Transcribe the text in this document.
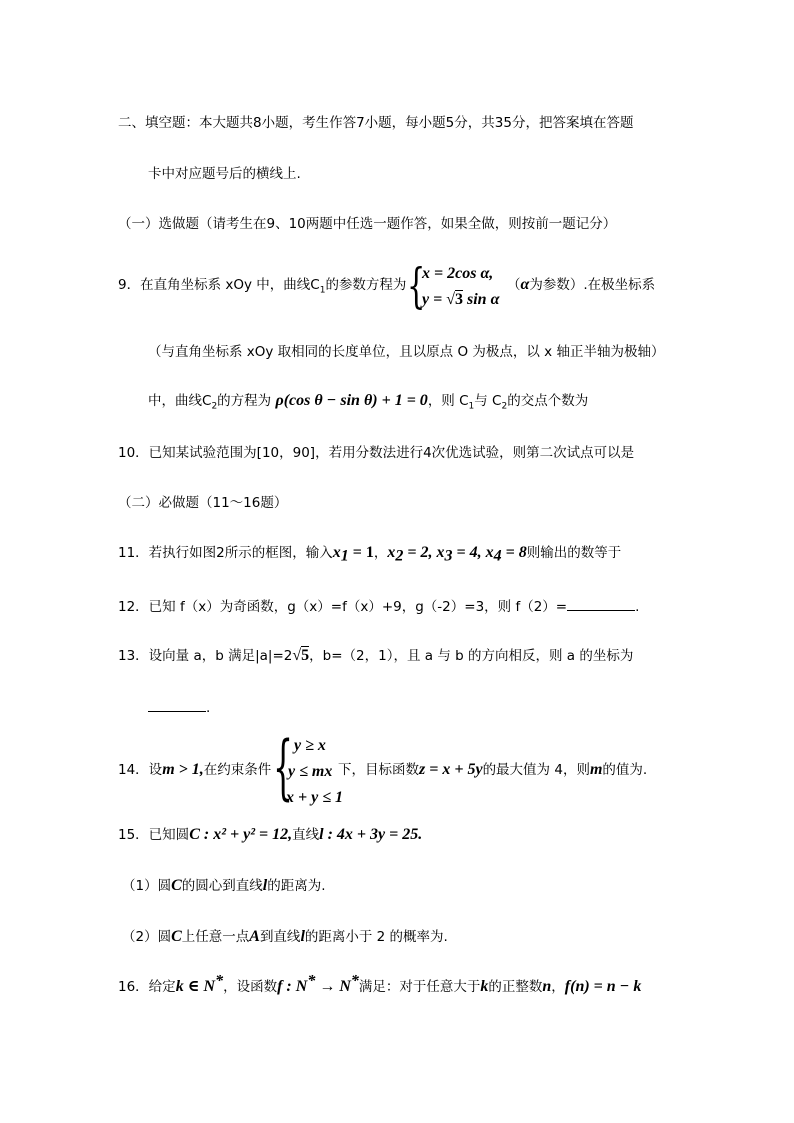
二、填空题：本大题共8小题，考生作答7小题，每小题5分，共35分，把答案填在答题
卡中对应题号后的横线上.
（一）选做题（请考生在9、10两题中任选一题作答，如果全做，则按前一题记分）
9．在直角坐标系 xOy 中，曲线$C_1$的参数方程为 {
x = 2cos α,
y = √3 sin α
（α为参数）.在极坐标系
（与直角坐标系 xOy 取相同的长度单位，且以原点 O 为极点，以 x 轴正半轴为极轴）
中，曲线$C_2$的方程为 ρ(cos θ − sin θ) + 1 = 0，则 $C_1$与 $C_2$的交点个数为
10．已知某试验范围为[10，90]，若用分数法进行4次优选试验，则第二次试点可以是
（二）必做题（11～16题）
11．若执行如图2所示的框图，输入$x_1 = 1$，$x_2 = 2$, $x_3 = 4$, $x_4 = 8$则输出的数等于
12．已知 f（x）为奇函数，g（x）=f（x）+9，g（-2）=3，则 f（2）=	.
13．设向量 a，b 满足|a|=2√5，b=（2，1），且 a 与 b 的方向相反，则 a 的坐标为
.
14．设m > 1,在约束条件 { y ≥ x
y ≤ mx
x + y ≤ 1
下，目标函数z = x + 5y的最大值为 4，则m的值为.
15．已知圆C : x² + y² = 12,直线l : 4x + 3y = 25.
（1）圆C的圆心到直线l的距离为.
（2）圆C上任意一点A到直线l的距离小于 2 的概率为.
16．给定k ∈ N*，设函数f : N* → N*满足：对于任意大于k的正整数n，f(n) = n − k
